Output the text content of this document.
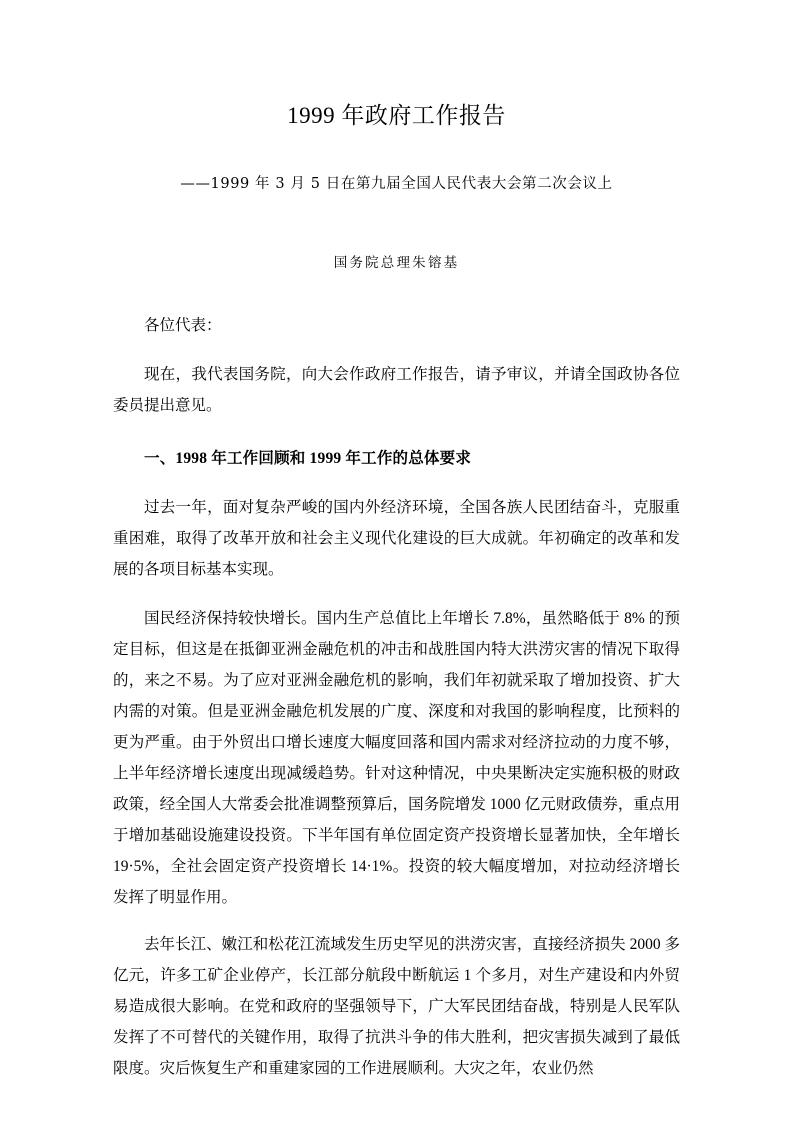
1999 年政府工作报告

——1999 年 3 月 5 日在第九届全国人民代表大会第二次会议上

国务院总理朱镕基

各位代表：

现在，我代表国务院，向大会作政府工作报告，请予审议，并请全国政协各位委员提出意见。

一、1998 年工作回顾和 1999 年工作的总体要求

过去一年，面对复杂严峻的国内外经济环境，全国各族人民团结奋斗，克服重重困难，取得了改革开放和社会主义现代化建设的巨大成就。年初确定的改革和发展的各项目标基本实现。

国民经济保持较快增长。国内生产总值比上年增长 7.8%，虽然略低于 8% 的预定目标，但这是在抵御亚洲金融危机的冲击和战胜国内特大洪涝灾害的情况下取得的，来之不易。为了应对亚洲金融危机的影响，我们年初就采取了增加投资、扩大内需的对策。但是亚洲金融危机发展的广度、深度和对我国的影响程度，比预料的更为严重。由于外贸出口增长速度大幅度回落和国内需求对经济拉动的力度不够，上半年经济增长速度出现减缓趋势。针对这种情况，中央果断决定实施积极的财政政策，经全国人大常委会批准调整预算后，国务院增发 1000 亿元财政债券，重点用于增加基础设施建设投资。下半年国有单位固定资产投资增长显著加快，全年增长 19·5%，全社会固定资产投资增长 14·1%。投资的较大幅度增加，对拉动经济增长发挥了明显作用。

去年长江、嫩江和松花江流域发生历史罕见的洪涝灾害，直接经济损失 2000 多亿元，许多工矿企业停产，长江部分航段中断航运 1 个多月，对生产建设和内外贸易造成很大影响。在党和政府的坚强领导下，广大军民团结奋战，特别是人民军队发挥了不可替代的关键作用，取得了抗洪斗争的伟大胜利，把灾害损失减到了最低限度。灾后恢复生产和重建家园的工作进展顺利。大灾之年，农业仍然
